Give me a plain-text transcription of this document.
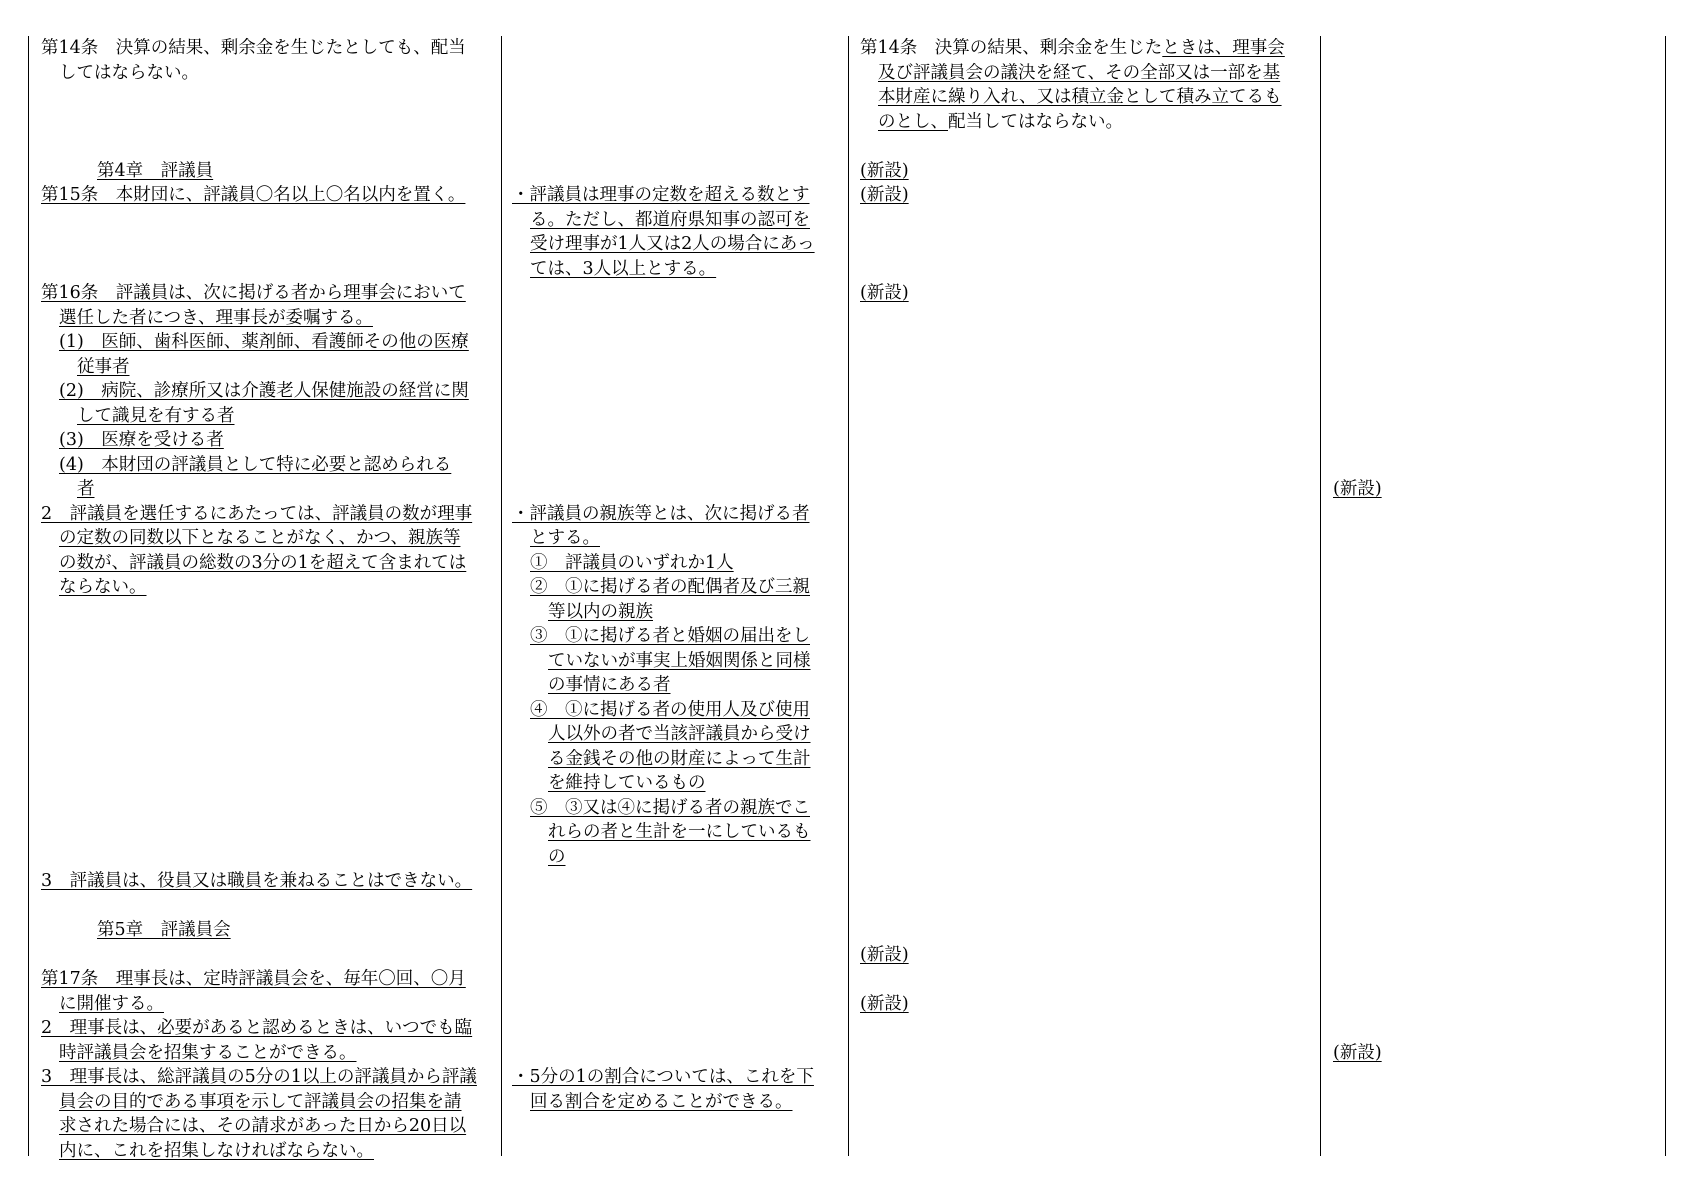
第14条　決算の結果、剰余金を生じたとしても、配当

してはならない。

第4章　評議員

第15条　本財団に、評議員〇名以上〇名以内を置く。

第16条　評議員は、次に掲げる者から理事会において

選任した者につき、理事長が委嘱する。

(1)　医師、歯科医師、薬剤師、看護師その他の医療

従事者

(2)　病院、診療所又は介護老人保健施設の経営に関

して識見を有する者

(3)　医療を受ける者

(4)　本財団の評議員として特に必要と認められる

者

2　評議員を選任するにあたっては、評議員の数が理事

の定数の同数以下となることがなく、かつ、親族等

の数が、評議員の総数の3分の1を超えて含まれては

ならない。

3　評議員は、役員又は職員を兼ねることはできない。

第5章　評議員会

第17条　理事長は、定時評議員会を、毎年〇回、〇月

に開催する。

2　理事長は、必要があると認めるときは、いつでも臨

時評議員会を招集することができる。

3　理事長は、総評議員の5分の1以上の評議員から評議

員会の目的である事項を示して評議員会の招集を請

求された場合には、その請求があった日から20日以

内に、これを招集しなければならない。

・評議員は理事の定数を超える数とす

る。ただし、都道府県知事の認可を

受け理事が1人又は2人の場合にあっ

ては、3人以上とする。

・評議員の親族等とは、次に掲げる者

とする。

①　評議員のいずれか1人

②　①に掲げる者の配偶者及び三親

等以内の親族

③　①に掲げる者と婚姻の届出をし

ていないが事実上婚姻関係と同様

の事情にある者

④　①に掲げる者の使用人及び使用

人以外の者で当該評議員から受け

る金銭その他の財産によって生計

を維持しているもの

⑤　③又は④に掲げる者の親族でこ

れらの者と生計を一にしているも

の

・5分の1の割合については、これを下

回る割合を定めることができる。

第14条　決算の結果、剰余金を生じたときは、理事会

及び評議員会の議決を経て、その全部又は一部を基

本財産に繰り入れ、又は積立金として積み立てるも

のとし、配当してはならない。

(新設)

(新設)

(新設)

(新設)

(新設)

(新設)

(新設)
